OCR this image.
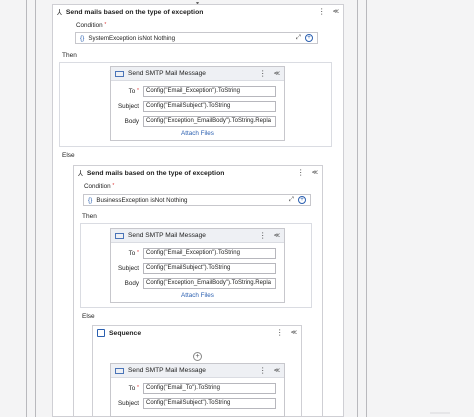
⅄ Send mails based on the type of exception	⋮ ≪
Condition *
{} SystemException isNot Nothing	⤢	+
Then
Send SMTP Mail Message	⋮ ≪
To *	Config("Email_Exception").ToString
Subject	Config("EmailSubject").ToString
Body	Config("Exception_EmailBody").ToString.Repla
Attach Files
Else
⅄ Send mails based on the type of exception	⋮ ≪
Condition *
{} BusinessException isNot Nothing	⤢	+
Then
Send SMTP Mail Message	⋮ ≪
To *	Config("Email_Exception").ToString
Subject	Config("EmailSubject").ToString
Body	Config("Exception_EmailBody").ToString.Repla
Attach Files
Else
Sequence	⋮ ≪
+
Send SMTP Mail Message	⋮ ≪
To *	Config("Email_To").ToString
Subject	Config("EmailSubject").ToString
